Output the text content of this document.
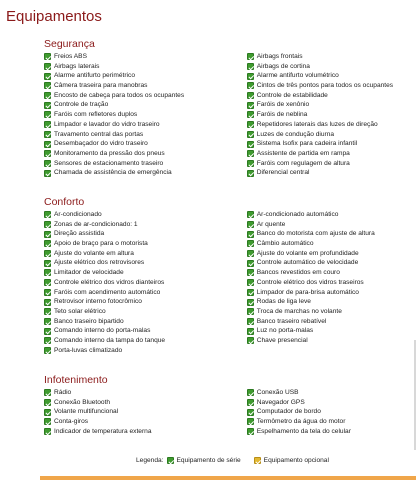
Equipamentos
Segurança
Freios ABS
Airbags laterais
Alarme antifurto perimétrico
Câmera traseira para manobras
Encosto de cabeça para todos os ocupantes
Controle de tração
Faróis com refletores duplos
Limpador e lavador do vidro traseiro
Travamento central das portas
Desembaçador do vidro traseiro
Monitoramento da pressão dos pneus
Sensores de estacionamento traseiro
Chamada de assistência de emergência
Airbags frontais
Airbags de cortina
Alarme antifurto volumétrico
Cintos de três pontos para todos os ocupantes
Controle de estabilidade
Faróis de xenônio
Faróis de neblina
Repetidores laterais das luzes de direção
Luzes de condução diurna
Sistema Isofix para cadeira infantil
Assistente de partida em rampa
Faróis com regulagem de altura
Diferencial central
Conforto
Ar-condicionado
Zonas de ar-condicionado: 1
Direção assistida
Apoio de braço para o motorista
Ajuste do volante em altura
Ajuste elétrico dos retrovisores
Limitador de velocidade
Controle elétrico dos vidros dianteiros
Faróis com acendimento automático
Retrovisor interno fotocrômico
Teto solar elétrico
Banco traseiro bipartido
Comando interno do porta-malas
Comando interno da tampa do tanque
Porta-luvas climatizado
Ar-condicionado automático
Ar quente
Banco do motorista com ajuste de altura
Câmbio automático
Ajuste do volante em profundidade
Controle automático de velocidade
Bancos revestidos em couro
Controle elétrico dos vidros traseiros
Limpador de para-brisa automático
Rodas de liga leve
Troca de marchas no volante
Banco traseiro rebatível
Luz no porta-malas
Chave presencial
Infotenimento
Rádio
Conexão Bluetooth
Volante multifuncional
Conta-giros
Indicador de temperatura externa
Conexão USB
Navegador GPS
Computador de bordo
Termômetro da água do motor
Espelhamento da tela do celular
Legenda: Equipamento de série	Equipamento opcional
